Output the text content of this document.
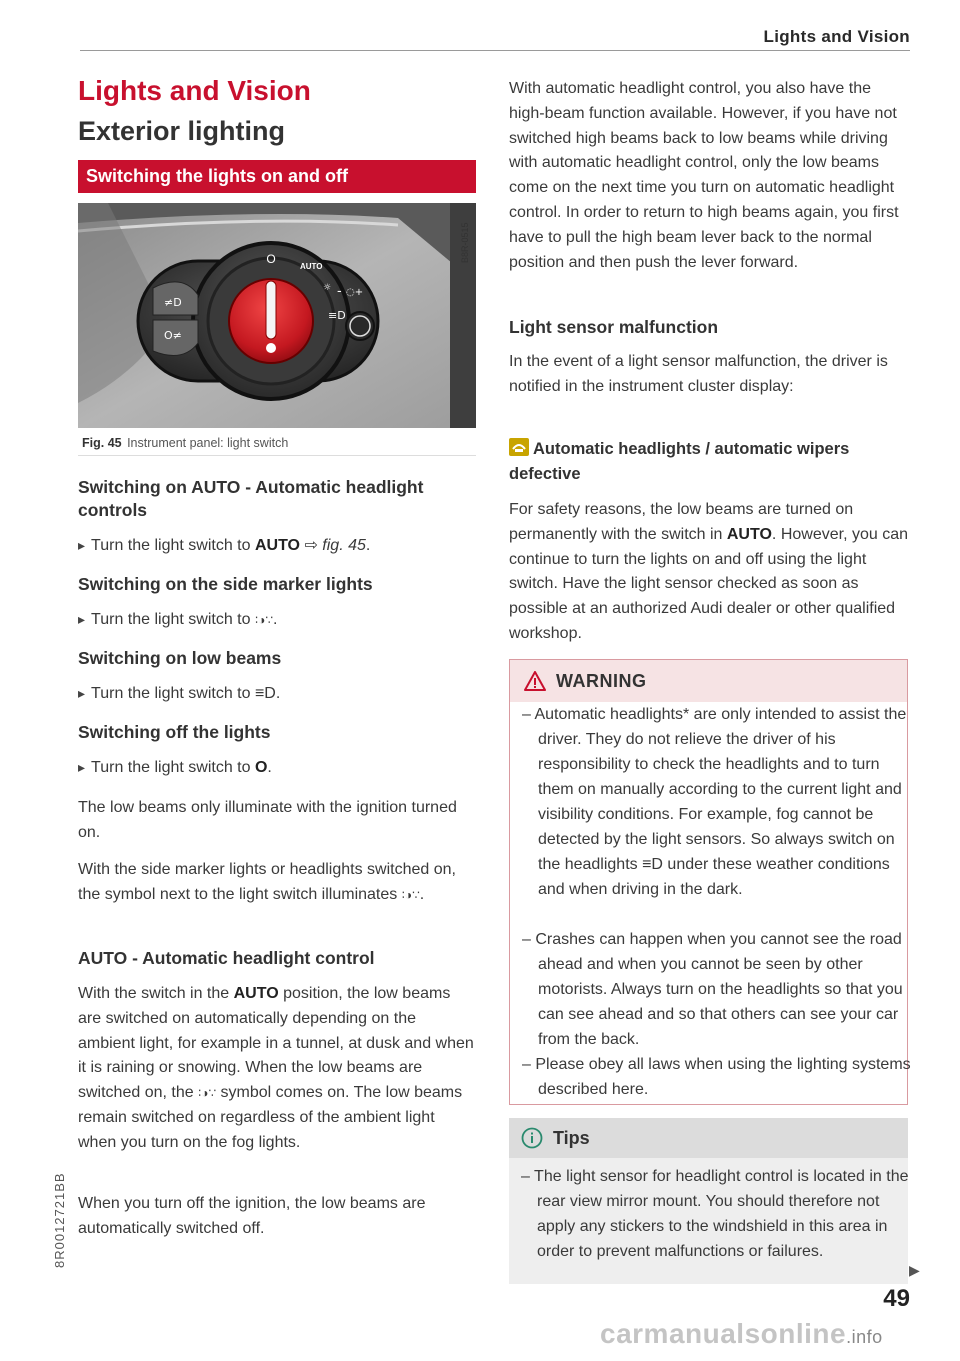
Lights and Vision
Lights and Vision
Exterior lighting
Switching the lights on and off
O
AUTO
☼ - ◌+
≡D
≠D
O≠
B8R-0515
Fig. 45 Instrument panel: light switch
Switching on AUTO - Automatic headlight controls

▸ Turn the light switch to AUTO ⇨ fig. 45.

Switching on the side marker lights

▸ Turn the light switch to ∶◑∵.

Switching on low beams

▸ Turn the light switch to ≡D.

Switching off the lights

▸ Turn the light switch to O.

The low beams only illuminate with the ignition turned on.

With the side marker lights or headlights switched on, the symbol next to the light switch illuminates ∶◑∵.

AUTO - Automatic headlight control

With the switch in the AUTO position, the low beams are switched on automatically depending on the ambient light, for example in a tunnel, at dusk and when it is raining or snowing. When the low beams are switched on, the ∶◑∵ symbol comes on. The low beams remain switched on regardless of the ambient light when you turn on the fog lights.

When you turn off the ignition, the low beams are automatically switched off.

With automatic headlight control, you also have the high-beam function available. However, if you have not switched high beams back to low beams while driving with automatic headlight control, only the low beams come on the next time you turn on automatic headlight control. In order to return to high beams again, you first have to pull the high beam lever back to the normal position and then push the lever forward.

Light sensor malfunction

In the event of a light sensor malfunction, the driver is notified in the instrument cluster display:

Automatic headlights / automatic wipers defective

For safety reasons, the low beams are turned on permanently with the switch in AUTO. However, you can continue to turn the lights on and off using the light switch. Have the light sensor checked as soon as possible at an authorized Audi dealer or other qualified workshop.

WARNING
– Automatic headlights* are only intended to assist the driver. They do not relieve the driver of his responsibility to check the headlights and to turn them on manually according to the current light and visibility conditions. For example, fog cannot be detected by the light sensors. So always switch on the headlights ≡D under these weather conditions and when driving in the dark.
– Crashes can happen when you cannot see the road ahead and when you cannot be seen by other motorists. Always turn on the headlights so that you can see ahead and so that others can see your car from the back.
– Please obey all laws when using the lighting systems described here.
Tips
– The light sensor for headlight control is located in the rear view mirror mount. You should therefore not apply any stickers to the windshield in this area in order to prevent malfunctions or failures.
▶
49
8R0012721BB
carmanualsonline.info
